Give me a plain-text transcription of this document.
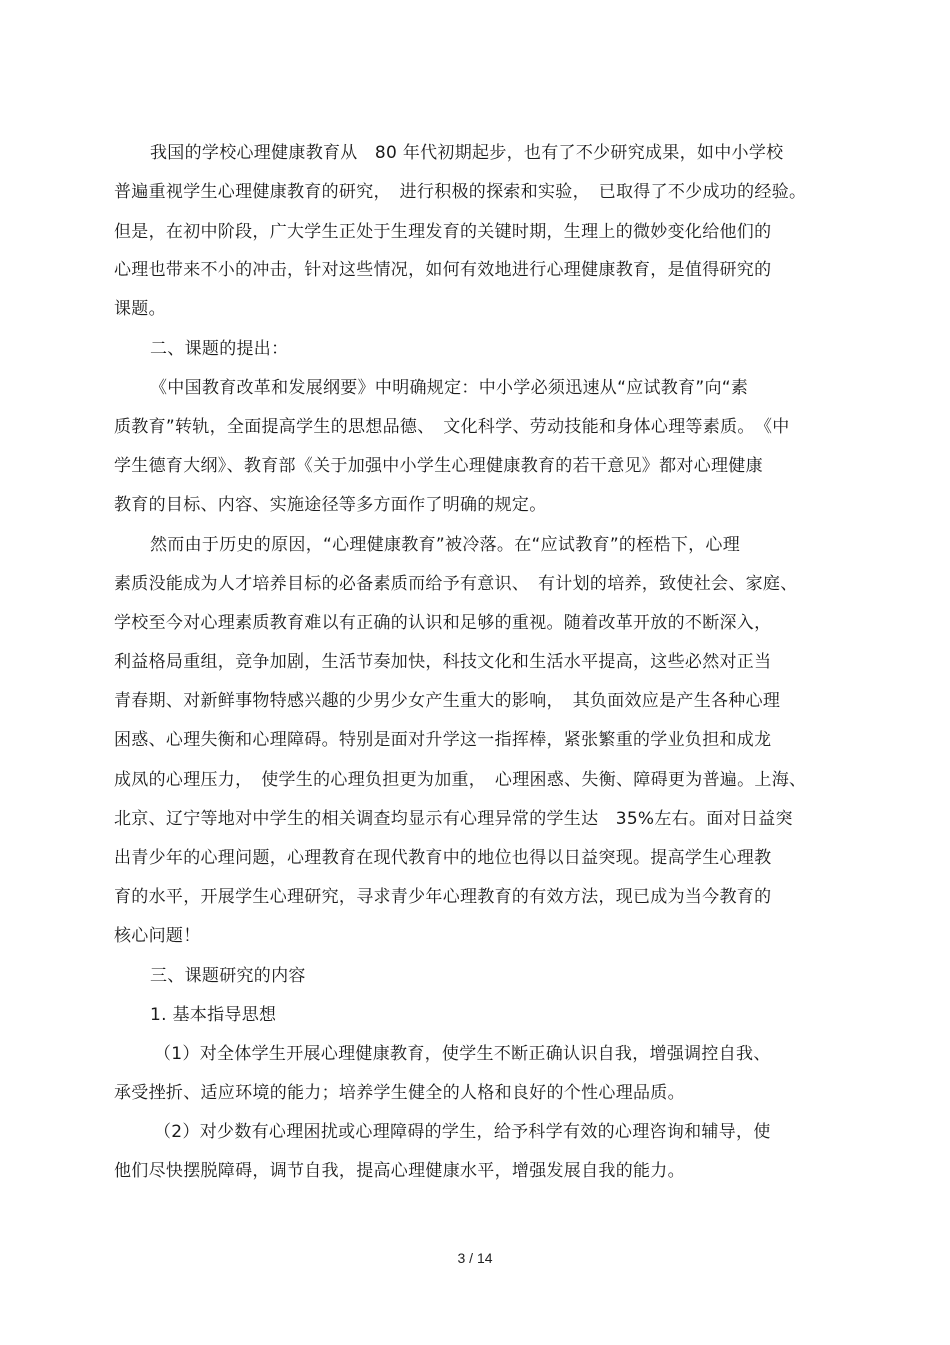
我国的学校心理健康教育从　80 年代初期起步，也有了不少研究成果，如中小学校
普遍重视学生心理健康教育的研究，　进行积极的探索和实验，　已取得了不少成功的经验。
但是，在初中阶段，广大学生正处于生理发育的关键时期，生理上的微妙变化给他们的
心理也带来不小的冲击，针对这些情况，如何有效地进行心理健康教育，是值得研究的
课题。
二、课题的提出：
《中国教育改革和发展纲要》中明确规定：中小学必须迅速从“应试教育”向“素
质教育”转轨，全面提高学生的思想品德、　文化科学、劳动技能和身体心理等素质。　《中
学生德育大纲》、教育部《关于加强中小学生心理健康教育的若干意见》都对心理健康
教育的目标、内容、实施途径等多方面作了明确的规定。
然而由于历史的原因，“心理健康教育”被冷落。在“应试教育”的桎梏下，心理
素质没能成为人才培养目标的必备素质而给予有意识、　有计划的培养，致使社会、家庭、
学校至今对心理素质教育难以有正确的认识和足够的重视。随着改革开放的不断深入，
利益格局重组，竞争加剧，生活节奏加快，科技文化和生活水平提高，这些必然对正当
青春期、对新鲜事物特感兴趣的少男少女产生重大的影响，　其负面效应是产生各种心理
困惑、心理失衡和心理障碍。特别是面对升学这一指挥棒，紧张繁重的学业负担和成龙
成凤的心理压力，　使学生的心理负担更为加重，　心理困惑、失衡、障碍更为普遍。上海、
北京、辽宁等地对中学生的相关调查均显示有心理异常的学生达　35%左右。面对日益突
出青少年的心理问题，心理教育在现代教育中的地位也得以日益突现。提高学生心理教
育的水平，开展学生心理研究，寻求青少年心理教育的有效方法，现已成为当今教育的
核心问题！
三、课题研究的内容
1. 基本指导思想
（1）对全体学生开展心理健康教育，使学生不断正确认识自我，增强调控自我、
承受挫折、适应环境的能力；培养学生健全的人格和良好的个性心理品质。
（2）对少数有心理困扰或心理障碍的学生，给予科学有效的心理咨询和辅导，使
他们尽快摆脱障碍，调节自我，提高心理健康水平，增强发展自我的能力。
3 / 14
